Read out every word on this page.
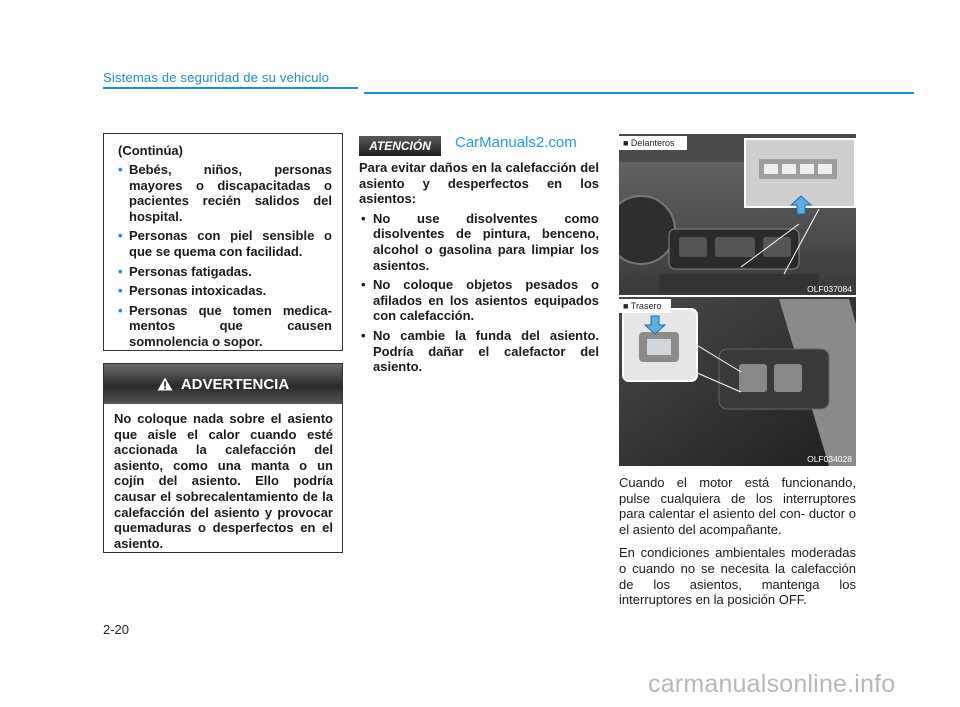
Sistemas de seguridad de su vehiculo
(Continúa)
• Bebés, niños, personas mayores o discapacitadas o pacientes recién salidos del hospital.
• Personas con piel sensible o que se quema con facilidad.
• Personas fatigadas.
• Personas intoxicadas.
• Personas que tomen medica- mentos que causen somnolencia o sopor.
ADVERTENCIA
No coloque nada sobre el asiento que aisle el calor cuando esté accionada la calefacción del asiento, como una manta o un cojín del asiento. Ello podría causar el sobrecalentamiento de la calefacción del asiento y provocar quemaduras o desperfectos en el asiento.
ATENCIÓN	CarManuals2.com

Para evitar daños en la calefacción del asiento y desperfectos en los asientos:

• No use disolventes como disolventes de pintura, benceno, alcohol o gasolina para limpiar los asientos.
• No coloque objetos pesados o afilados en los asientos equipados con calefacción.
• No cambie la funda del asiento. Podría dañar el calefactor del asiento.
■ Delanteros
OLF037084
■ Trasero
OLF034028

Cuando el motor está funcionando, pulse cualquiera de los interruptores para calentar el asiento del con- ductor o el asiento del acompañante.

En condiciones ambientales moderadas o cuando no se necesita la calefacción de los asientos, mantenga los interruptores en la posición OFF.

2-20
carmanualsonline.info
